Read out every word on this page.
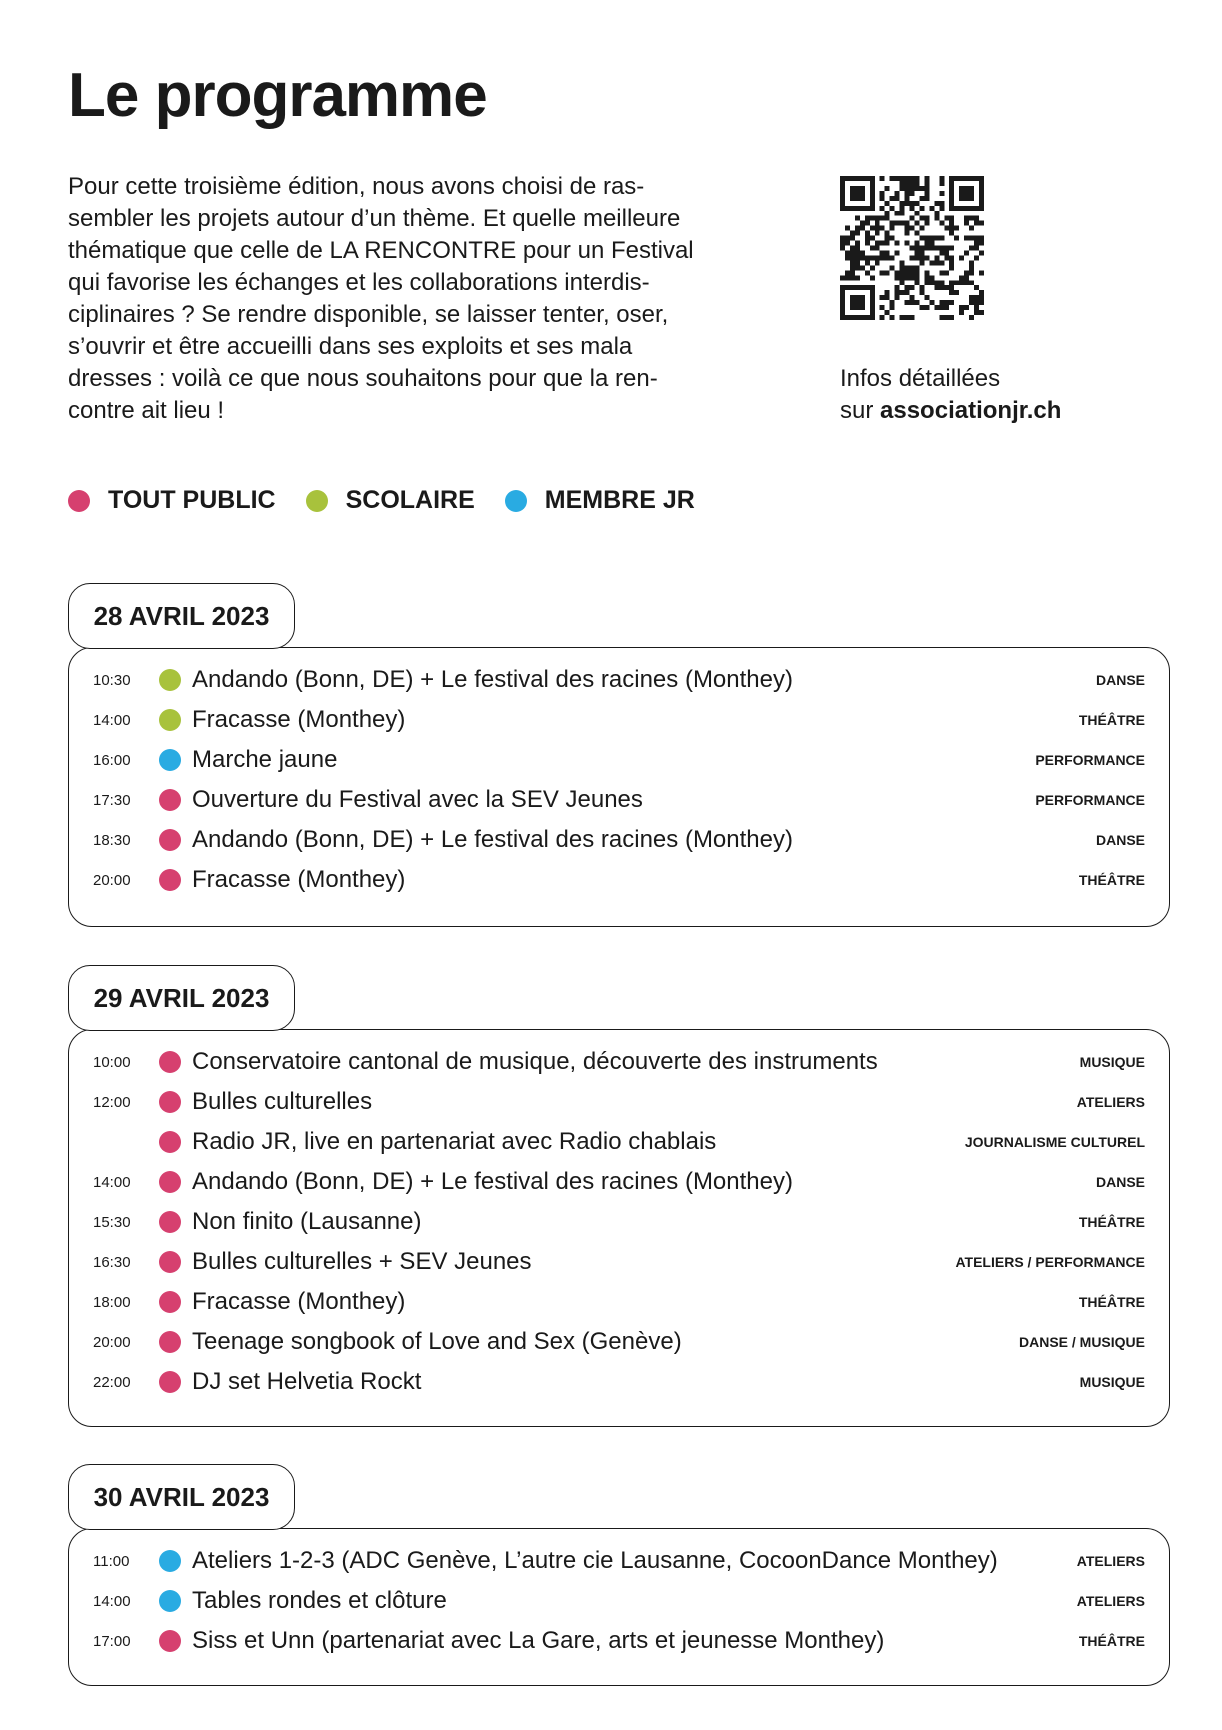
Le programme
Pour cette troisième édition, nous avons choisi de ras-
sembler les projets autour d’un thème. Et quelle meilleure
thématique que celle de LA RENCONTRE pour un Festival
qui favorise les échanges et les collaborations interdis-
ciplinaires ? Se rendre disponible, se laisser tenter, oser,
s’ouvrir et être accueilli dans ses exploits et ses mala
dresses : voilà ce que nous souhaitons pour que la ren-
contre ait lieu !
Infos détaillées
sur associationjr.ch
TOUT PUBLIC	SCOLAIRE	MEMBRE JR
28 AVRIL 2023
10:30	Andando (Bonn, DE) + Le festival des racines (Monthey)	DANSE
14:00	Fracasse (Monthey)	THÉÂTRE
16:00	Marche jaune	PERFORMANCE
17:30	Ouverture du Festival avec la SEV Jeunes	PERFORMANCE
18:30	Andando (Bonn, DE) + Le festival des racines (Monthey)	DANSE
20:00	Fracasse (Monthey)	THÉÂTRE
29 AVRIL 2023
10:00	Conservatoire cantonal de musique, découverte des instruments	MUSIQUE
12:00	Bulles culturelles	ATELIERS
Radio JR, live en partenariat avec Radio chablais	JOURNALISME CULTUREL
14:00	Andando (Bonn, DE) + Le festival des racines (Monthey)	DANSE
15:30	Non finito (Lausanne)	THÉÂTRE
16:30	Bulles culturelles + SEV Jeunes	ATELIERS / PERFORMANCE
18:00	Fracasse (Monthey)	THÉÂTRE
20:00	Teenage songbook of Love and Sex (Genève)	DANSE / MUSIQUE
22:00	DJ set Helvetia Rockt	MUSIQUE
30 AVRIL 2023
11:00	Ateliers 1-2-3 (ADC Genève, L’autre cie Lausanne, CocoonDance Monthey)	ATELIERS
14:00	Tables rondes et clôture	ATELIERS
17:00	Siss et Unn (partenariat avec La Gare, arts et jeunesse Monthey)	THÉÂTRE
